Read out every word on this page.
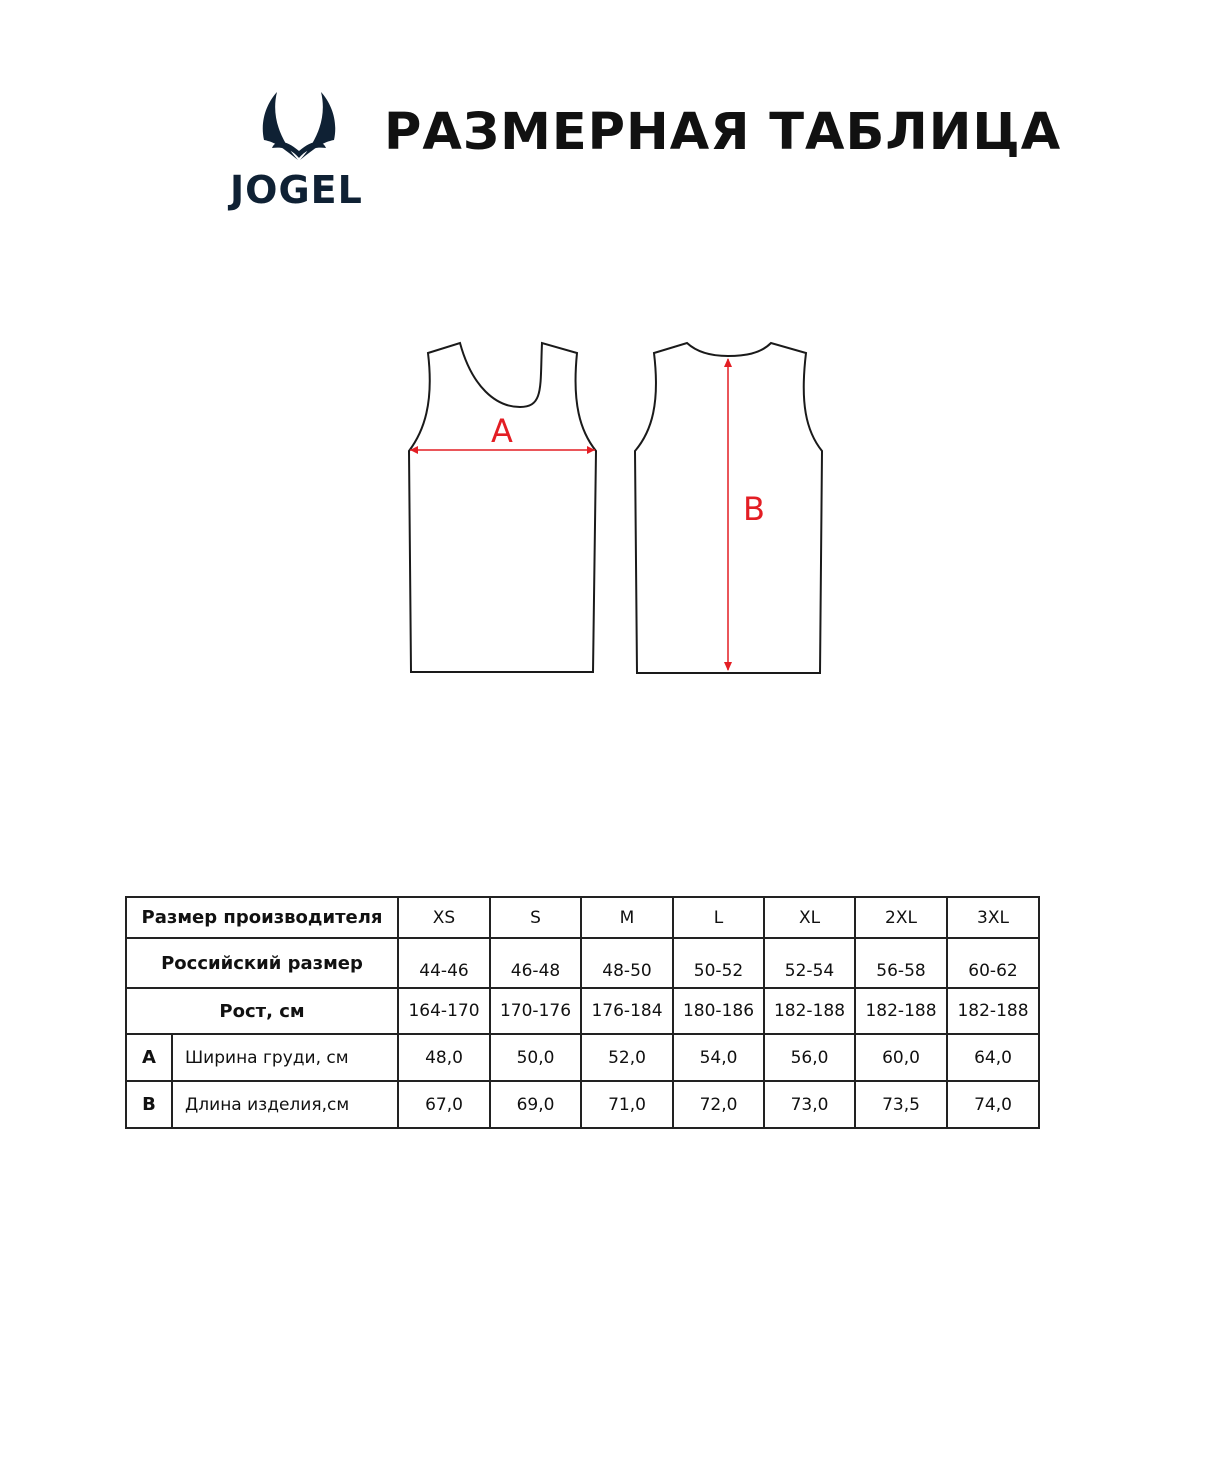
JOGEL
РАЗМЕРНАЯ ТАБЛИЦА
A
B
Размер производителя		XS	S	M	L	XL	2XL	3XL
Российский размер		44-46	46-48	48-50	50-52	52-54	56-58	60-62
Рост, см		164-170	170-176	176-184	180-186	182-188	182-188	182-188
A	Ширина груди, см	48,0	50,0	52,0	54,0	56,0	60,0	64,0
B	Длина изделия,см	67,0	69,0	71,0	72,0	73,0	73,5	74,0
